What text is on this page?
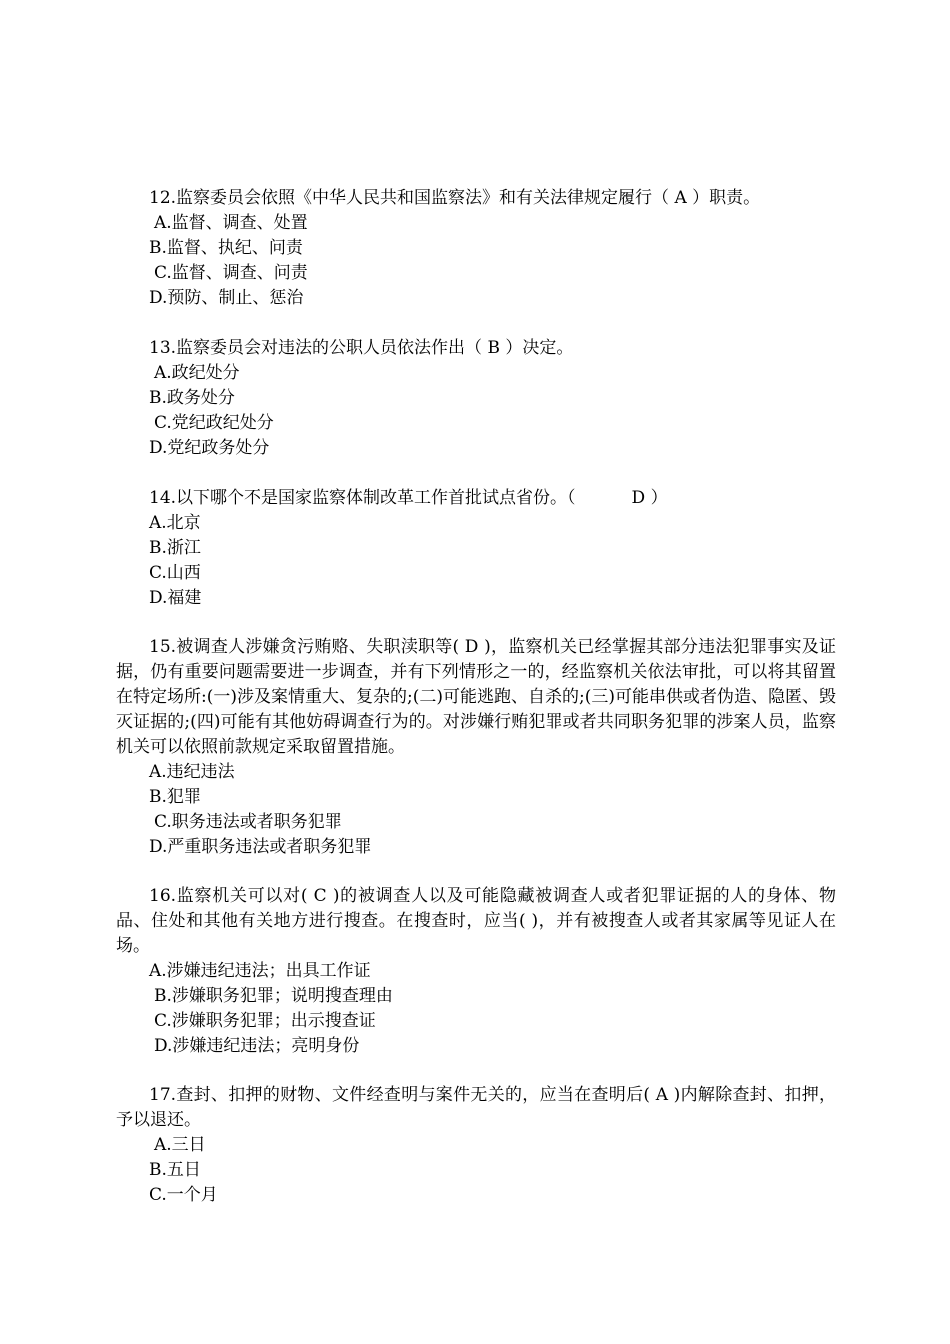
12.监察委员会依照《中华人民共和国监察法》和有关法律规定履行（ A ）职责。

A.监督、调查、处置

B.监督、执纪、问责

C.监督、调查、问责

D.预防、制止、惩治

13.监察委员会对违法的公职人员依法作出（ B ）决定。

A.政纪处分

B.政务处分

C.党纪政纪处分

D.党纪政务处分

14.以下哪个不是国家监察体制改革工作首批试点省份。（	D ）

A.北京

B.浙江

C.山西

D.福建

15.被调查人涉嫌贪污贿赂、失职渎职等( D )，监察机关已经掌握其部分违法犯罪事实及证据，仍有重要问题需要进一步调查，并有下列情形之一的，经监察机关依法审批，可以将其留置在特定场所:(一)涉及案情重大、复杂的;(二)可能逃跑、自杀的;(三)可能串供或者伪造、隐匿、毁灭证据的;(四)可能有其他妨碍调查行为的。对涉嫌行贿犯罪或者共同职务犯罪的涉案人员，监察机关可以依照前款规定采取留置措施。

A.违纪违法

B.犯罪

C.职务违法或者职务犯罪

D.严重职务违法或者职务犯罪

16.监察机关可以对( C )的被调查人以及可能隐藏被调查人或者犯罪证据的人的身体、物品、住处和其他有关地方进行搜查。在搜查时，应当( )，并有被搜查人或者其家属等见证人在场。

A.涉嫌违纪违法；出具工作证

B.涉嫌职务犯罪；说明搜查理由

C.涉嫌职务犯罪；出示搜查证

D.涉嫌违纪违法；亮明身份

17.查封、扣押的财物、文件经查明与案件无关的，应当在查明后( A )内解除查封、扣押，予以退还。

A.三日

B.五日

C.一个月
